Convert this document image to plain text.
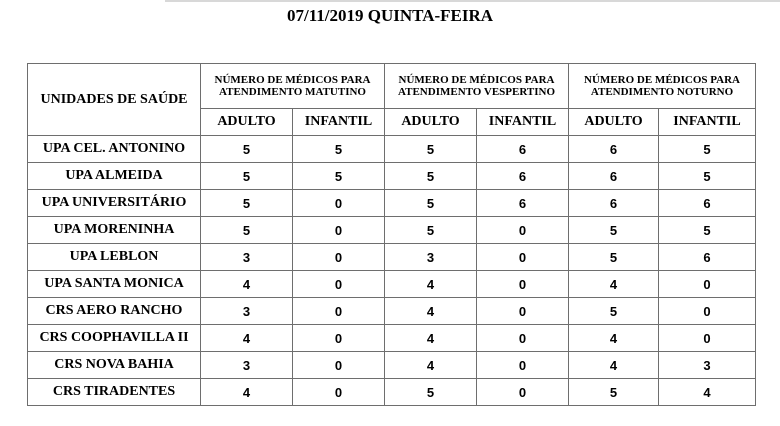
07/11/2019 QUINTA-FEIRA
UNIDADES DE SAÚDE	NÚMERO DE MÉDICOS PARA ATENDIMENTO MATUTINO		NÚMERO DE MÉDICOS PARA ATENDIMENTO VESPERTINO		NÚMERO DE MÉDICOS PARA ATENDIMENTO NOTURNO	
	ADULTO	INFANTIL	ADULTO	INFANTIL	ADULTO	INFANTIL
UPA CEL. ANTONINO	5	5	5	6	6	5
UPA ALMEIDA	5	5	5	6	6	5
UPA UNIVERSITÁRIO	5	0	5	6	6	6
UPA MORENINHA	5	0	5	0	5	5
UPA LEBLON	3	0	3	0	5	6
UPA SANTA MONICA	4	0	4	0	4	0
CRS AERO RANCHO	3	0	4	0	5	0
CRS COOPHAVILLA II	4	0	4	0	4	0
CRS NOVA BAHIA	3	0	4	0	4	3
CRS TIRADENTES	4	0	5	0	5	4
